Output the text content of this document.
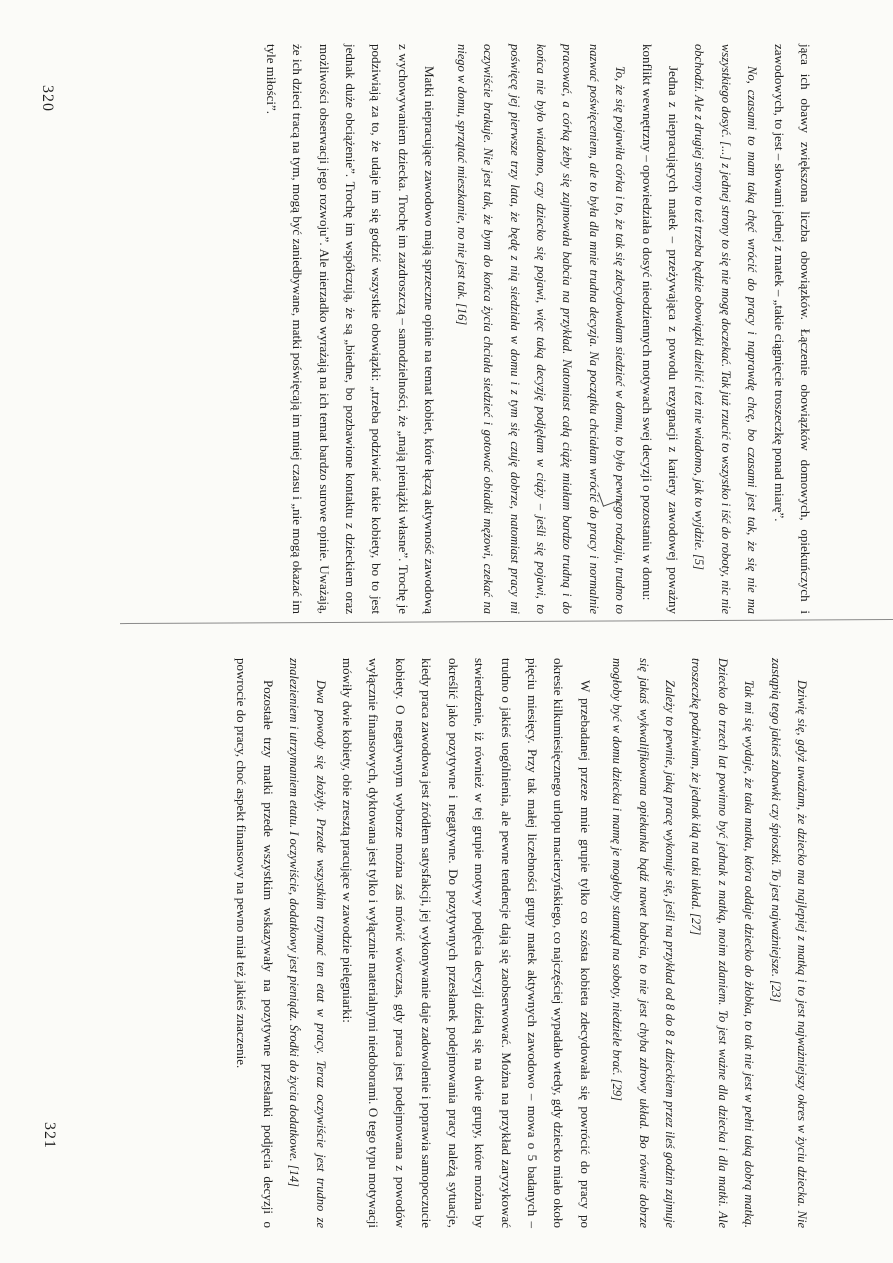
jąca ich obawy zwiększona liczba obowiązków. Łączenie obowiązków domowych, opiekuńczych i zawodowych, to jest – słowami jednej z matek – „takie ciągnięcie troszeczkę ponad miarę”.

No, czasami to mam taką chęć wrócić do pracy i naprawdę chcę, bo czasami jest tak, że się nie ma wszystkiego dosyć. [...] z jednej strony to się nie mogę doczekać. Tak już rzucić to wszystko i iść do roboty, nic nie obchodzi. Ale z drugiej strony to też trzeba będzie obowiązki dzielić i też nie wiadomo, jak to wyjdzie. [5]

Jedna z niepracujących matek – przeżywająca z powodu rezygnacji z kariery zawodowej poważny konflikt wewnętrzny – opowiedziała o dosyć nieodziennych motywach swej decyzji o pozostaniu w domu:

To, że się pojawiła córka i to, że tak się zdecydowałam siedzieć w domu, to było pewnego rodzaju, trudno to nazwać poświęceniem, ale to była dla mnie trudna decyzja. Na początku chciałam wrócić do pracy i normalnie pracować, a córką żeby się zajmowała babcia na przykład. Natomiast całą ciążę miałam bardzo trudną i do końca nie było wiadomo, czy dziecko się pojawi, więc taką decyzję podjęłam w ciąży – jeśli się pojawi, to poświęcę jej pierwsze trzy lata, że będę z nią siedziała w domu i z tym się czuję dobrze, natomiast pracy mi oczywiście brakuje. Nie jest tak, że bym do końca życia chciała siedzieć i gotować obiadki mężowi, czekać na niego w domu, sprzątać mieszkanie, no nie jest tak. [16]

Matki niepracujące zawodowo mają sprzeczne opinie na temat kobiet, które łączą aktywność zawodową z wychowywaniem dziecka. Trochę im zazdroszczą – samodzielności, że „mają pieniążki własne”. Trochę je podziwiają za to, że udaje im się godzić wszystkie obowiązki: „trzeba podziwiać takie kobiety, bo to jest jednak duże obciążenie”. Trochę im współczują, że są „biedne, bo pozbawione kontaktu z dzieckiem oraz możliwości obserwacji jego rozwoju”. Ale nierzadko wyrażają na ich temat bardzo surowe opinie. Uważają, że ich dzieci tracą na tym, mogą być zaniedbywane, matki poświęcają im mniej czasu i „nie mogą okazać im tyle miłości”.

Dziwię się, gdyż uważam, że dziecko ma najlepiej z matką i to jest najważniejszy okres w życiu dziecka. Nie zastąpią tego jakieś zabawki czy śpioszki. To jest najważniejsze. [23]

Tak mi się wydaje, że taka matka, która oddaje dziecko do żłobka, to tak nie jest w pełni taką dobrą matką. Dziecko do trzech lat powinno być jednak z matką, moim zdaniem. To jest ważne dla dziecka i dla matki. Ale troszeczkę podziwiam, że jednak idą na taki układ. [27]

Zależy to pewnie, jaką pracę wykonuje się, jeśli na przykład od 8 do 8 z dzieckiem przez ileś godzin zajmuje się jakaś wykwalifikowana opiekunka bądź nawet babcia, to nie jest chyba zdrowy układ. Bo równie dobrze mogłoby być w domu dziecka i mamę je mogłoby stamtąd na soboty, niedziele brać. [29]

W przebadanej przeze mnie grupie tylko co szósta kobieta zdecydowała się powrócić do pracy po okresie kilkumiesięcznego urlopu macierzyńskiego, co najczęściej wypadało wtedy, gdy dziecko miało około pięciu miesięcy. Przy tak małej liczebności grupy matek aktywnych zawodowo – mowa o 5 badanych – trudno o jakieś uogólnienia, ale pewne tendencje dają się zaobserwować. Można na przykład zaryzykować stwierdzenie, iż również w tej grupie motywy podjęcia decyzji dzielą się na dwie grupy, które można by określić jako pozytywne i negatywne. Do pozytywnych przesłanek podejmowania pracy należą sytuacje, kiedy praca zawodowa jest źródłem satysfakcji, jej wykonywanie daje zadowolenie i poprawia samopoczucie kobiety. O negatywnym wyborze można zaś mówić wówczas, gdy praca jest podejmowana z powodów wyłącznie finansowych, dyktowana jest tylko i wyłącznie materialnymi niedoborami. O tego typu motywacji mówiły dwie kobiety, obie zresztą pracujące w zawodzie pielęgniarki:

Dwa powody się złożyły. Przede wszystkim trzymać ten etat w pracy. Teraz oczywiście jest trudno ze znalezieniem i utrzymaniem etatu. I oczywiście, dodatkowy jest pieniądz. Środki do życia dodatkowe. [14]

Pozostałe trzy matki przede wszystkim wskazywały na pozytywne przesłanki podjęcia decyzji o powrocie do pracy, choć aspekt finansowy na pewno miał też jakieś znaczenie.

320
321
